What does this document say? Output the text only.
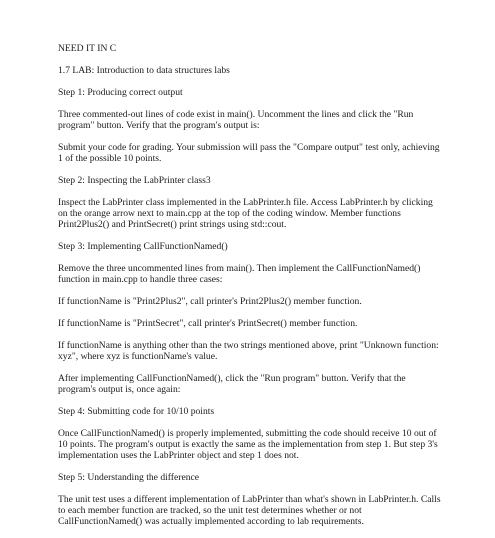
NEED IT IN C

1.7 LAB: Introduction to data structures labs

Step 1: Producing correct output

Three commented-out lines of code exist in main(). Uncomment the lines and click the "Run program" button. Verify that the program's output is:

Submit your code for grading. Your submission will pass the "Compare output" test only, achieving 1 of the possible 10 points.

Step 2: Inspecting the LabPrinter class3

Inspect the LabPrinter class implemented in the LabPrinter.h file. Access LabPrinter.h by clicking on the orange arrow next to main.cpp at the top of the coding window. Member functions Print2Plus2() and PrintSecret() print strings using std::cout.

Step 3: Implementing CallFunctionNamed()

Remove the three uncommented lines from main(). Then implement the CallFunctionNamed() function in main.cpp to handle three cases:

If functionName is "Print2Plus2", call printer's Print2Plus2() member function.

If functionName is "PrintSecret", call printer's PrintSecret() member function.

If functionName is anything other than the two strings mentioned above, print "Unknown function: xyz", where xyz is functionName's value.

After implementing CallFunctionNamed(), click the "Run program" button. Verify that the program's output is, once again:

Step 4: Submitting code for 10/10 points

Once CallFunctionNamed() is properly implemented, submitting the code should receive 10 out of 10 points. The program's output is exactly the same as the implementation from step 1. But step 3's implementation uses the LabPrinter object and step 1 does not.

Step 5: Understanding the difference

The unit test uses a different implementation of LabPrinter than what's shown in LabPrinter.h. Calls to each member function are tracked, so the unit test determines whether or not CallFunctionNamed() was actually implemented according to lab requirements.
